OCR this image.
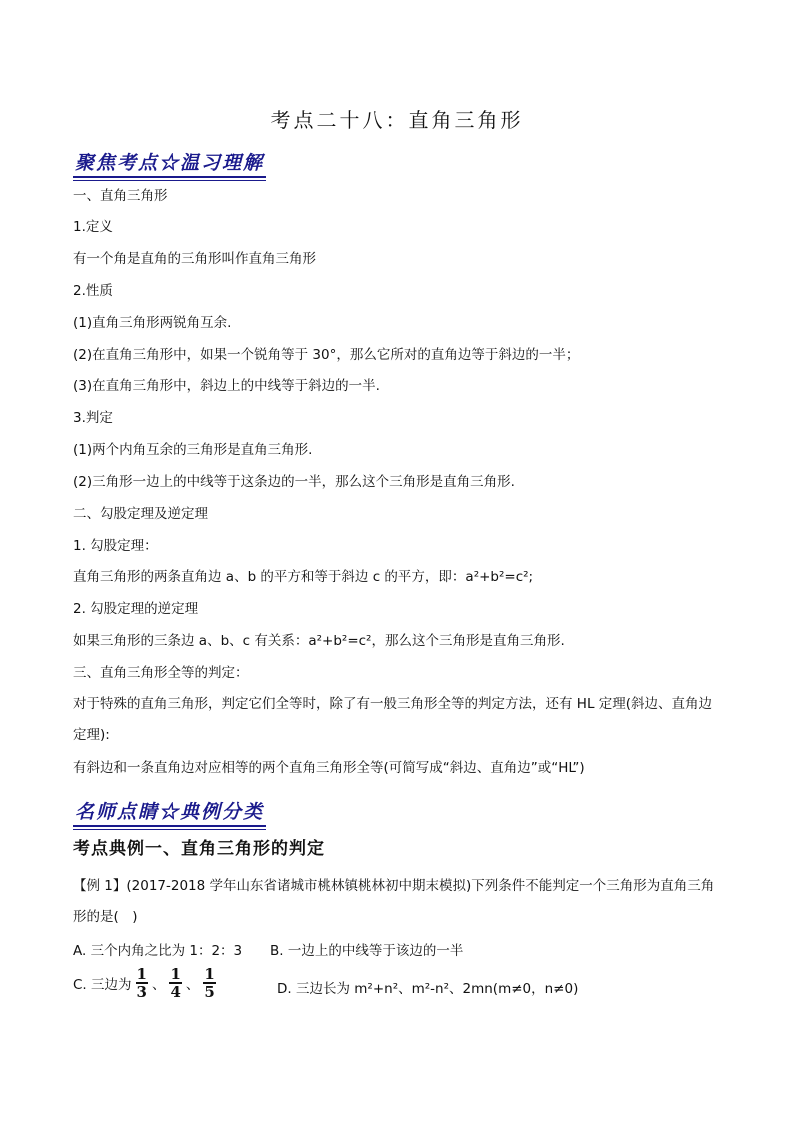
考点二十八：直角三角形
聚焦考点☆温习理解
一、直角三角形
1.定义
有一个角是直角的三角形叫作直角三角形
2.性质
(1)直角三角形两锐角互余.
(2)在直角三角形中，如果一个锐角等于 30°，那么它所对的直角边等于斜边的一半；
(3)在直角三角形中，斜边上的中线等于斜边的一半.
3.判定
(1)两个内角互余的三角形是直角三角形.
(2)三角形一边上的中线等于这条边的一半，那么这个三角形是直角三角形.
二、勾股定理及逆定理
1. 勾股定理：
直角三角形的两条直角边 a、b 的平方和等于斜边 c 的平方，即：a²+b²=c²;
2. 勾股定理的逆定理
如果三角形的三条边 a、b、c 有关系：a²+b²=c²，那么这个三角形是直角三角形.
三、直角三角形全等的判定：
对于特殊的直角三角形，判定它们全等时，除了有一般三角形全等的判定方法，还有 HL 定理(斜边、直角边定理):
有斜边和一条直角边对应相等的两个直角三角形全等(可简写成“斜边、直角边”或“HL”)
名师点睛☆典例分类
考点典例一、直角三角形的判定
【例 1】(2017-2018 学年山东省诸城市桃林镇桃林初中期末模拟)下列条件不能判定一个三角形为直角三角形的是(　)
A. 三个内角之比为 1：2：3 B. 一边上的中线等于该边的一半
C. 三边为 $\frac{1}{3}$ 、 $\frac{1}{4}$ 、 $\frac{1}{5}$	D. 三边长为 m²+n²、m²-n²、2mn(m≠0，n≠0)
